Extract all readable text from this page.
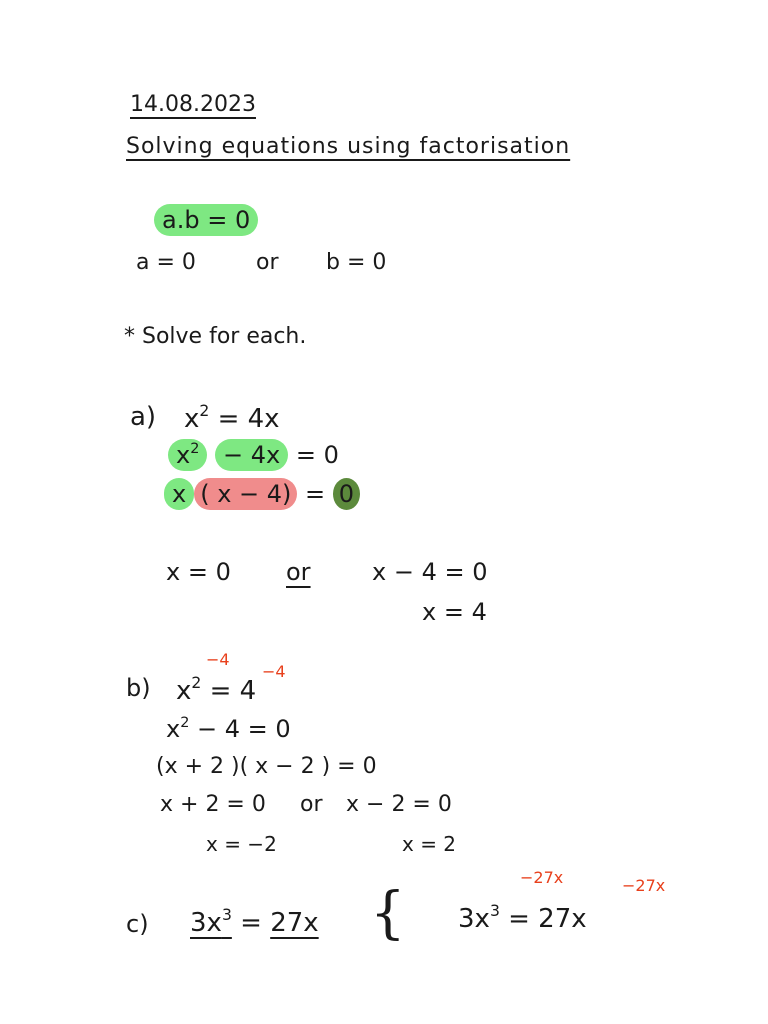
14.08.2023
Solving equations using factorisation
a.b = 0
a = 0	or b = 0
* Solve for each.
a) $x^2 = 4x$
$x^2 - 4x = 0$
x ( x − 4) = 0
x = 0 or	x − 4 = 0
x = 4
b)
−4
−4
$x^2 = 4$
$x^2 - 4 = 0$
(x + 2 )( x − 2 ) = 0
x + 2 = 0 or x − 2 = 0
x = −2	x = 2
c) $3x^3 = 27x$ {
−27x	−27x
$3x^3 = 27x$
